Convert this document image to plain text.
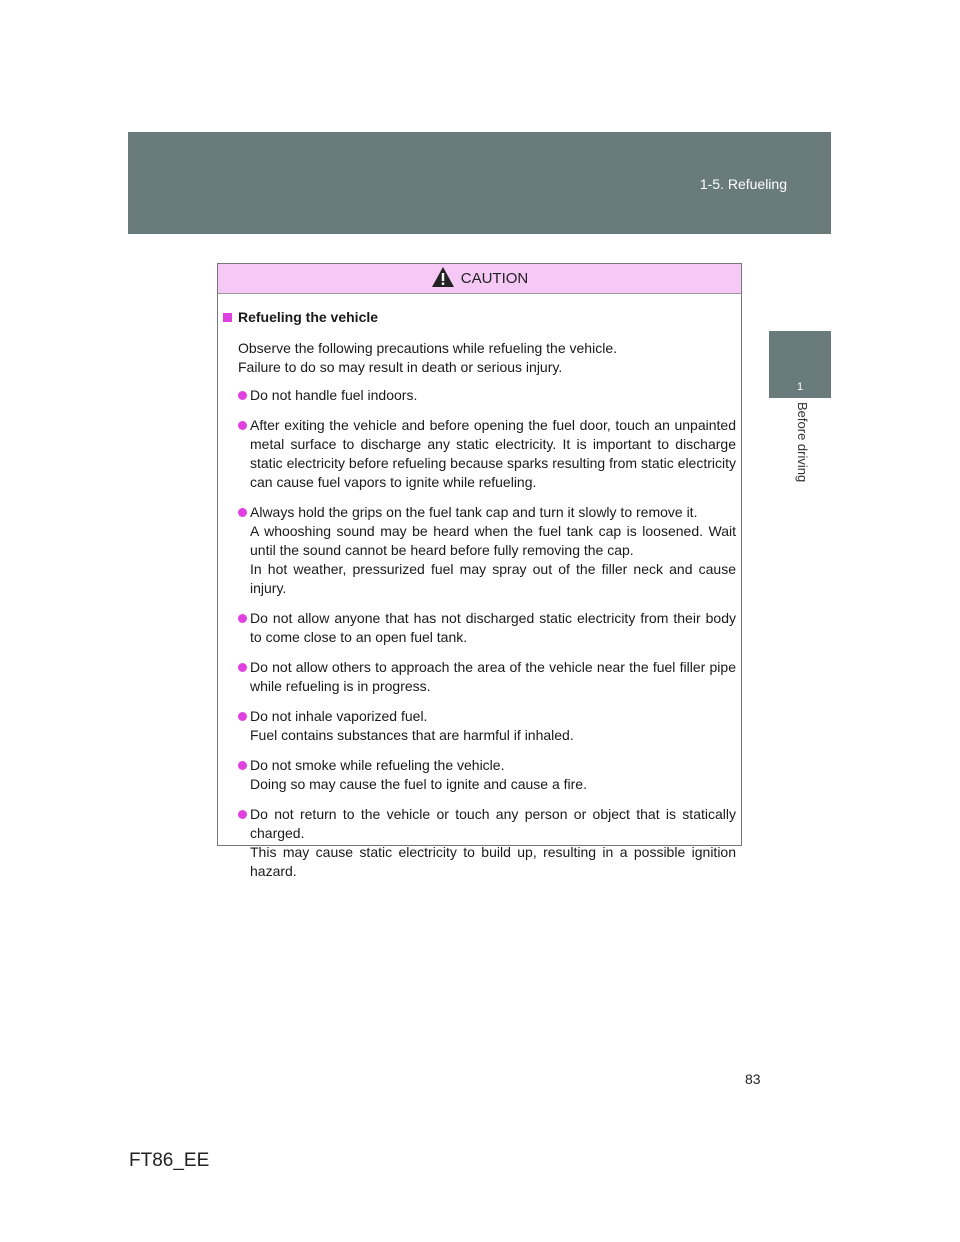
1-5. Refueling
1
Before driving
CAUTION
Refueling the vehicle
Observe the following precautions while refueling the vehicle.
Failure to do so may result in death or serious injury.
Do not handle fuel indoors.
After exiting the vehicle and before opening the fuel door, touch an unpainted metal surface to discharge any static electricity. It is important to discharge static electricity before refueling because sparks resulting from static electricity can cause fuel vapors to ignite while refueling.
Always hold the grips on the fuel tank cap and turn it slowly to remove it.
A whooshing sound may be heard when the fuel tank cap is loosened. Wait until the sound cannot be heard before fully removing the cap.
In hot weather, pressurized fuel may spray out of the filler neck and cause injury.
Do not allow anyone that has not discharged static electricity from their body to come close to an open fuel tank.
Do not allow others to approach the area of the vehicle near the fuel filler pipe while refueling is in progress.
Do not inhale vaporized fuel.
Fuel contains substances that are harmful if inhaled.
Do not smoke while refueling the vehicle.
Doing so may cause the fuel to ignite and cause a fire.
Do not return to the vehicle or touch any person or object that is statically charged.
This may cause static electricity to build up, resulting in a possible ignition hazard.
83
FT86_EE
